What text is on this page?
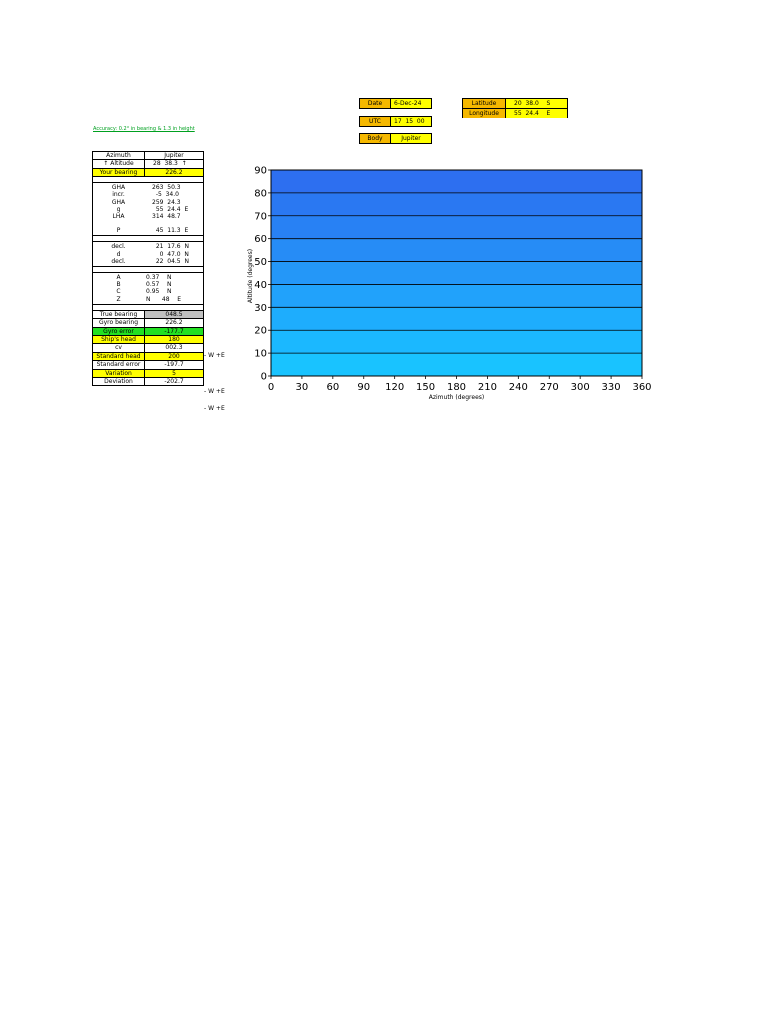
Date	6-Dec-24
UTC	17  15  00
Body	Jupiter
Latitude	20  38.0    S
Longitude	55  24.4    E
Accuracy: 0.2° in bearing & 1.3 in height
Azimuth	Jupiter
↑ Altitude	28  38.3  ↑
Your bearing	226.2
GHA	263  50.3
incr.	-5  34.0
GHA	259  24.3
g	55  24.4  E
LHA	314  48.7
P	45  11.3  E
decl.	21  17.6  N
d	0  47.0  N
decl.	22  04.5  N
A	0.37    N
B	0.57    N
C	0.95    N
Z	N      48    E
True bearing	048.5
Gyro bearing	226.2
Gyro error	-177.7
Ship's head	180
cv	002.3
Standard head	200
Standard error	-197.7
Variation	5
Deviation	-202.7
- W +E
- W +E
- W +E
0
10
20
30
40
50
60
70
80
90
0 30 60 90 120 150 180 210 240 270 300 330 360
Azimuth (degrees)
Altitude (degrees)
